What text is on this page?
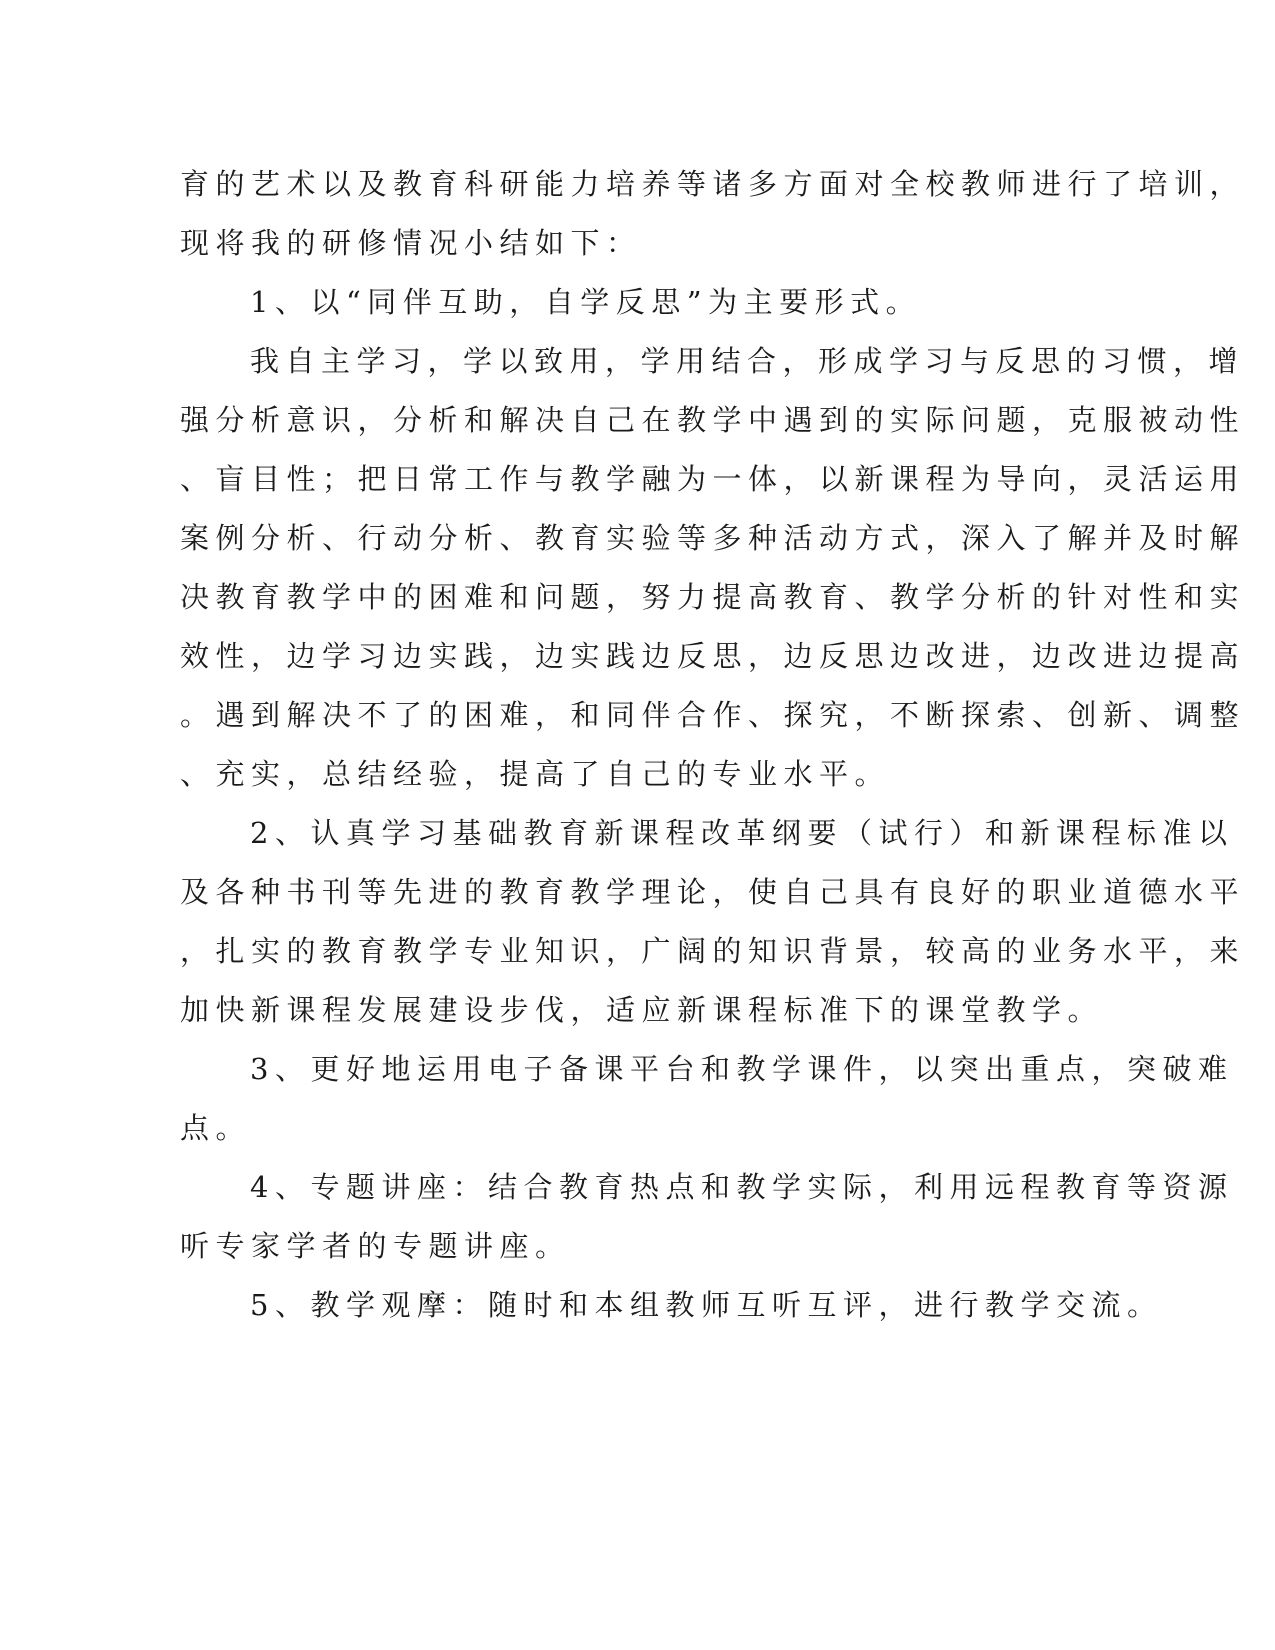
育的艺术以及教育科研能力培养等诸多方面对全校教师进行了培训，
现将我的研修情况小结如下：
1、以“同伴互助，自学反思”为主要形式。
我自主学习，学以致用，学用结合，形成学习与反思的习惯，增
强分析意识，分析和解决自己在教学中遇到的实际问题，克服被动性
、盲目性；把日常工作与教学融为一体，以新课程为导向，灵活运用
案例分析、行动分析、教育实验等多种活动方式，深入了解并及时解
决教育教学中的困难和问题，努力提高教育、教学分析的针对性和实
效性，边学习边实践，边实践边反思，边反思边改进，边改进边提高
。遇到解决不了的困难，和同伴合作、探究，不断探索、创新、调整
、充实，总结经验，提高了自己的专业水平。
2、认真学习基础教育新课程改革纲要（试行）和新课程标准以
及各种书刊等先进的教育教学理论，使自己具有良好的职业道德水平
，扎实的教育教学专业知识，广阔的知识背景，较高的业务水平，来
加快新课程发展建设步伐，适应新课程标准下的课堂教学。
3、更好地运用电子备课平台和教学课件，以突出重点，突破难
点。
4、专题讲座：结合教育热点和教学实际，利用远程教育等资源
听专家学者的专题讲座。
5、教学观摩：随时和本组教师互听互评，进行教学交流。
